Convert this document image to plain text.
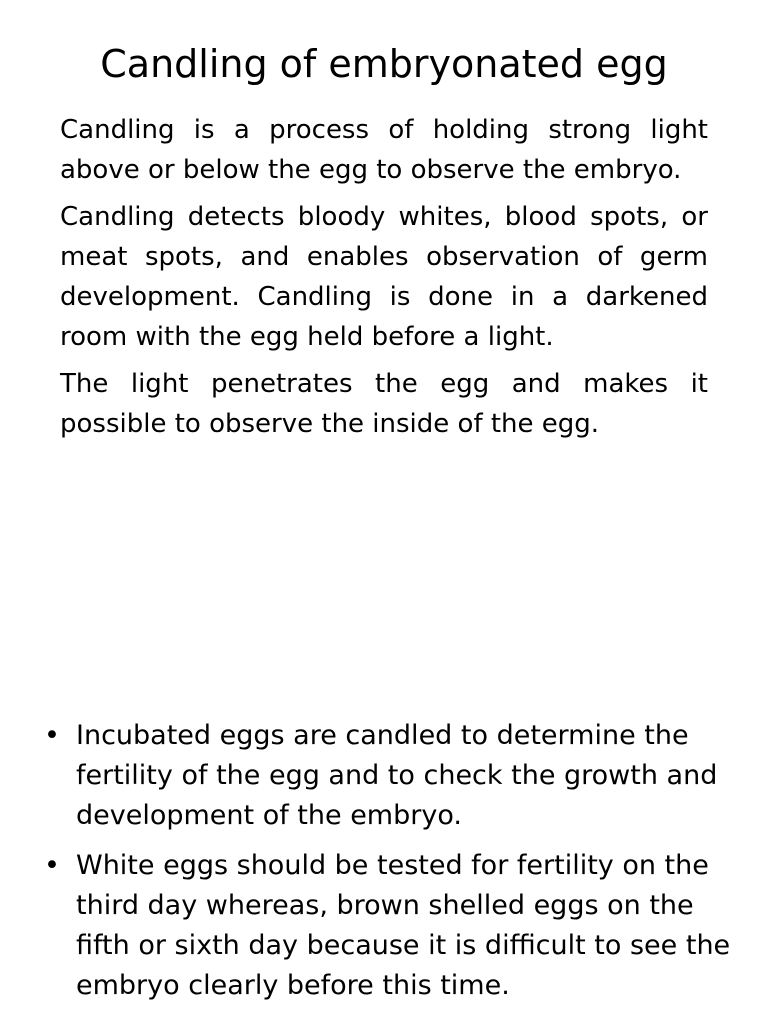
Candling of embryonated egg

Candling is a process of holding strong light above or below the egg to observe the embryo.

Candling detects bloody whites, blood spots, or meat spots, and enables observation of germ development. Candling is done in a darkened room with the egg held before a light.

The light penetrates the egg and makes it possible to observe the inside of the egg.

• Incubated eggs are candled to determine the fertility of the egg and to check the growth and development of the embryo.
• White eggs should be tested for fertility on the third day whereas, brown shelled eggs on the fifth or sixth day because it is difficult to see the embryo clearly before this time.
